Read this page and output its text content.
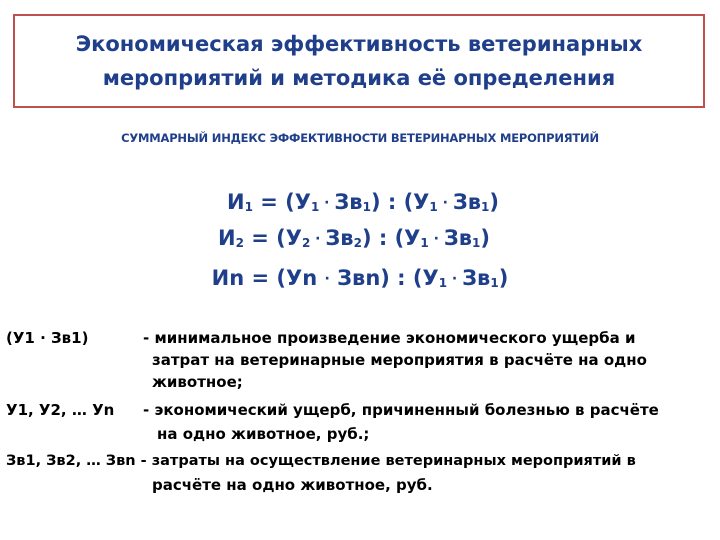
Экономическая эффективность ветеринарных
мероприятий и методика её определения
СУММАРНЫЙ ИНДЕКС ЭФФЕКТИВНОСТИ ВЕТЕРИНАРНЫХ МЕРОПРИЯТИЙ
$И_1 = (У_1 \cdot Зв_1)$ : $(У_1 \cdot Зв_1)$
$И_2 = (У_2 \cdot Зв_2)$ : $(У_1 \cdot Зв_1)$
Иn = (Уn · Звn) : $(У_1 \cdot Зв_1)$
(У1 · Зв1)	- минимальное произведение экономического ущерба и
затрат на ветеринарные мероприятия в расчёте на одно
животное;
У1, У2, … Уn - экономический ущерб, причиненный болезнью в расчёте
на одно животное, руб.;
Зв1, Зв2, … Звn - затраты на осуществление ветеринарных мероприятий в
расчёте на одно животное, руб.
